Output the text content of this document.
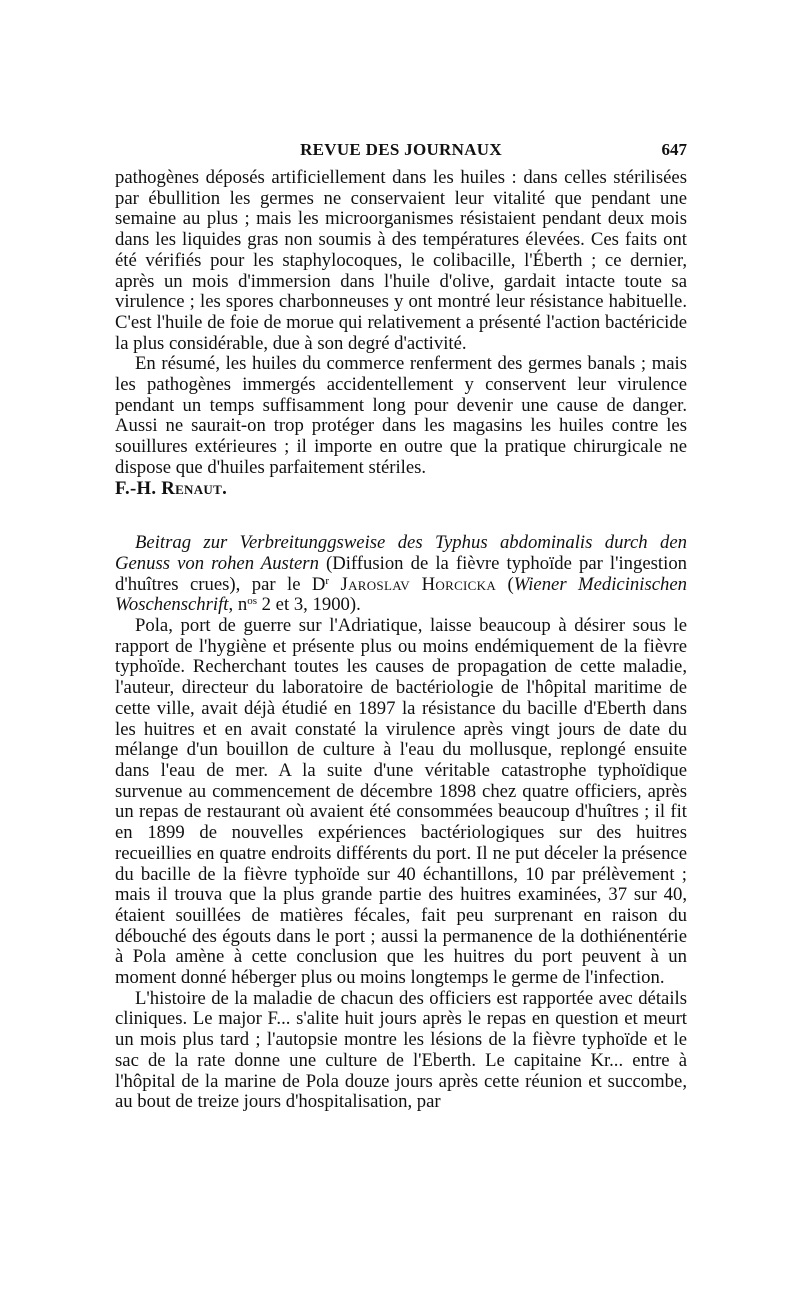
REVUE DES JOURNAUX	647

pathogènes déposés artificiellement dans les huiles : dans celles stérilisées par ébullition les germes ne conservaient leur vitalité que pendant une semaine au plus ; mais les microorganismes résistaient pendant deux mois dans les liquides gras non soumis à des températures élevées. Ces faits ont été vérifiés pour les staphylocoques, le colibacille, l'Éberth ; ce dernier, après un mois d'immersion dans l'huile d'olive, gardait intacte toute sa virulence ; les spores charbonneuses y ont montré leur résistance habituelle. C'est l'huile de foie de morue qui relativement a présenté l'action bactéricide la plus considérable, due à son degré d'activité.

En résumé, les huiles du commerce renferment des germes banals ; mais les pathogènes immergés accidentellement y conservent leur virulence pendant un temps suffisamment long pour devenir une cause de danger. Aussi ne saurait-on trop protéger dans les magasins les huiles contre les souillures extérieures ; il importe en outre que la pratique chirurgicale ne dispose que d'huiles parfaitement stériles.

F.-H. Renaut.

Beitrag zur Verbreitunggsweise des Typhus abdominalis durch den Genuss von rohen Austern (Diffusion de la fièvre typhoïde par l'ingestion d'huîtres crues), par le $D^r$ Jaroslav Horcicka (Wiener Medicinischen Woschenschrift, $n^{os}$ 2 et 3, 1900).

Pola, port de guerre sur l'Adriatique, laisse beaucoup à désirer sous le rapport de l'hygiène et présente plus ou moins endémiquement de la fièvre typhoïde. Recherchant toutes les causes de propagation de cette maladie, l'auteur, directeur du laboratoire de bactériologie de l'hôpital maritime de cette ville, avait déjà étudié en 1897 la résistance du bacille d'Eberth dans les huitres et en avait constaté la virulence après vingt jours de date du mélange d'un bouillon de culture à l'eau du mollusque, replongé ensuite dans l'eau de mer. A la suite d'une véritable catastrophe typhoïdique survenue au commencement de décembre 1898 chez quatre officiers, après un repas de restaurant où avaient été consommées beaucoup d'huîtres ; il fit en 1899 de nouvelles expériences bactériologiques sur des huitres recueillies en quatre endroits différents du port. Il ne put déceler la présence du bacille de la fièvre typhoïde sur 40 échantillons, 10 par prélèvement ; mais il trouva que la plus grande partie des huitres examinées, 37 sur 40, étaient souillées de matières fécales, fait peu surprenant en raison du débouché des égouts dans le port ; aussi la permanence de la dothiénentérie à Pola amène à cette conclusion que les huitres du port peuvent à un moment donné héberger plus ou moins longtemps le germe de l'infection.

L'histoire de la maladie de chacun des officiers est rapportée avec détails cliniques. Le major F... s'alite huit jours après le repas en question et meurt un mois plus tard ; l'autopsie montre les lésions de la fièvre typhoïde et le sac de la rate donne une culture de l'Eberth. Le capitaine Kr... entre à l'hôpital de la marine de Pola douze jours après cette réunion et succombe, au bout de treize jours d'hospitalisation, par
